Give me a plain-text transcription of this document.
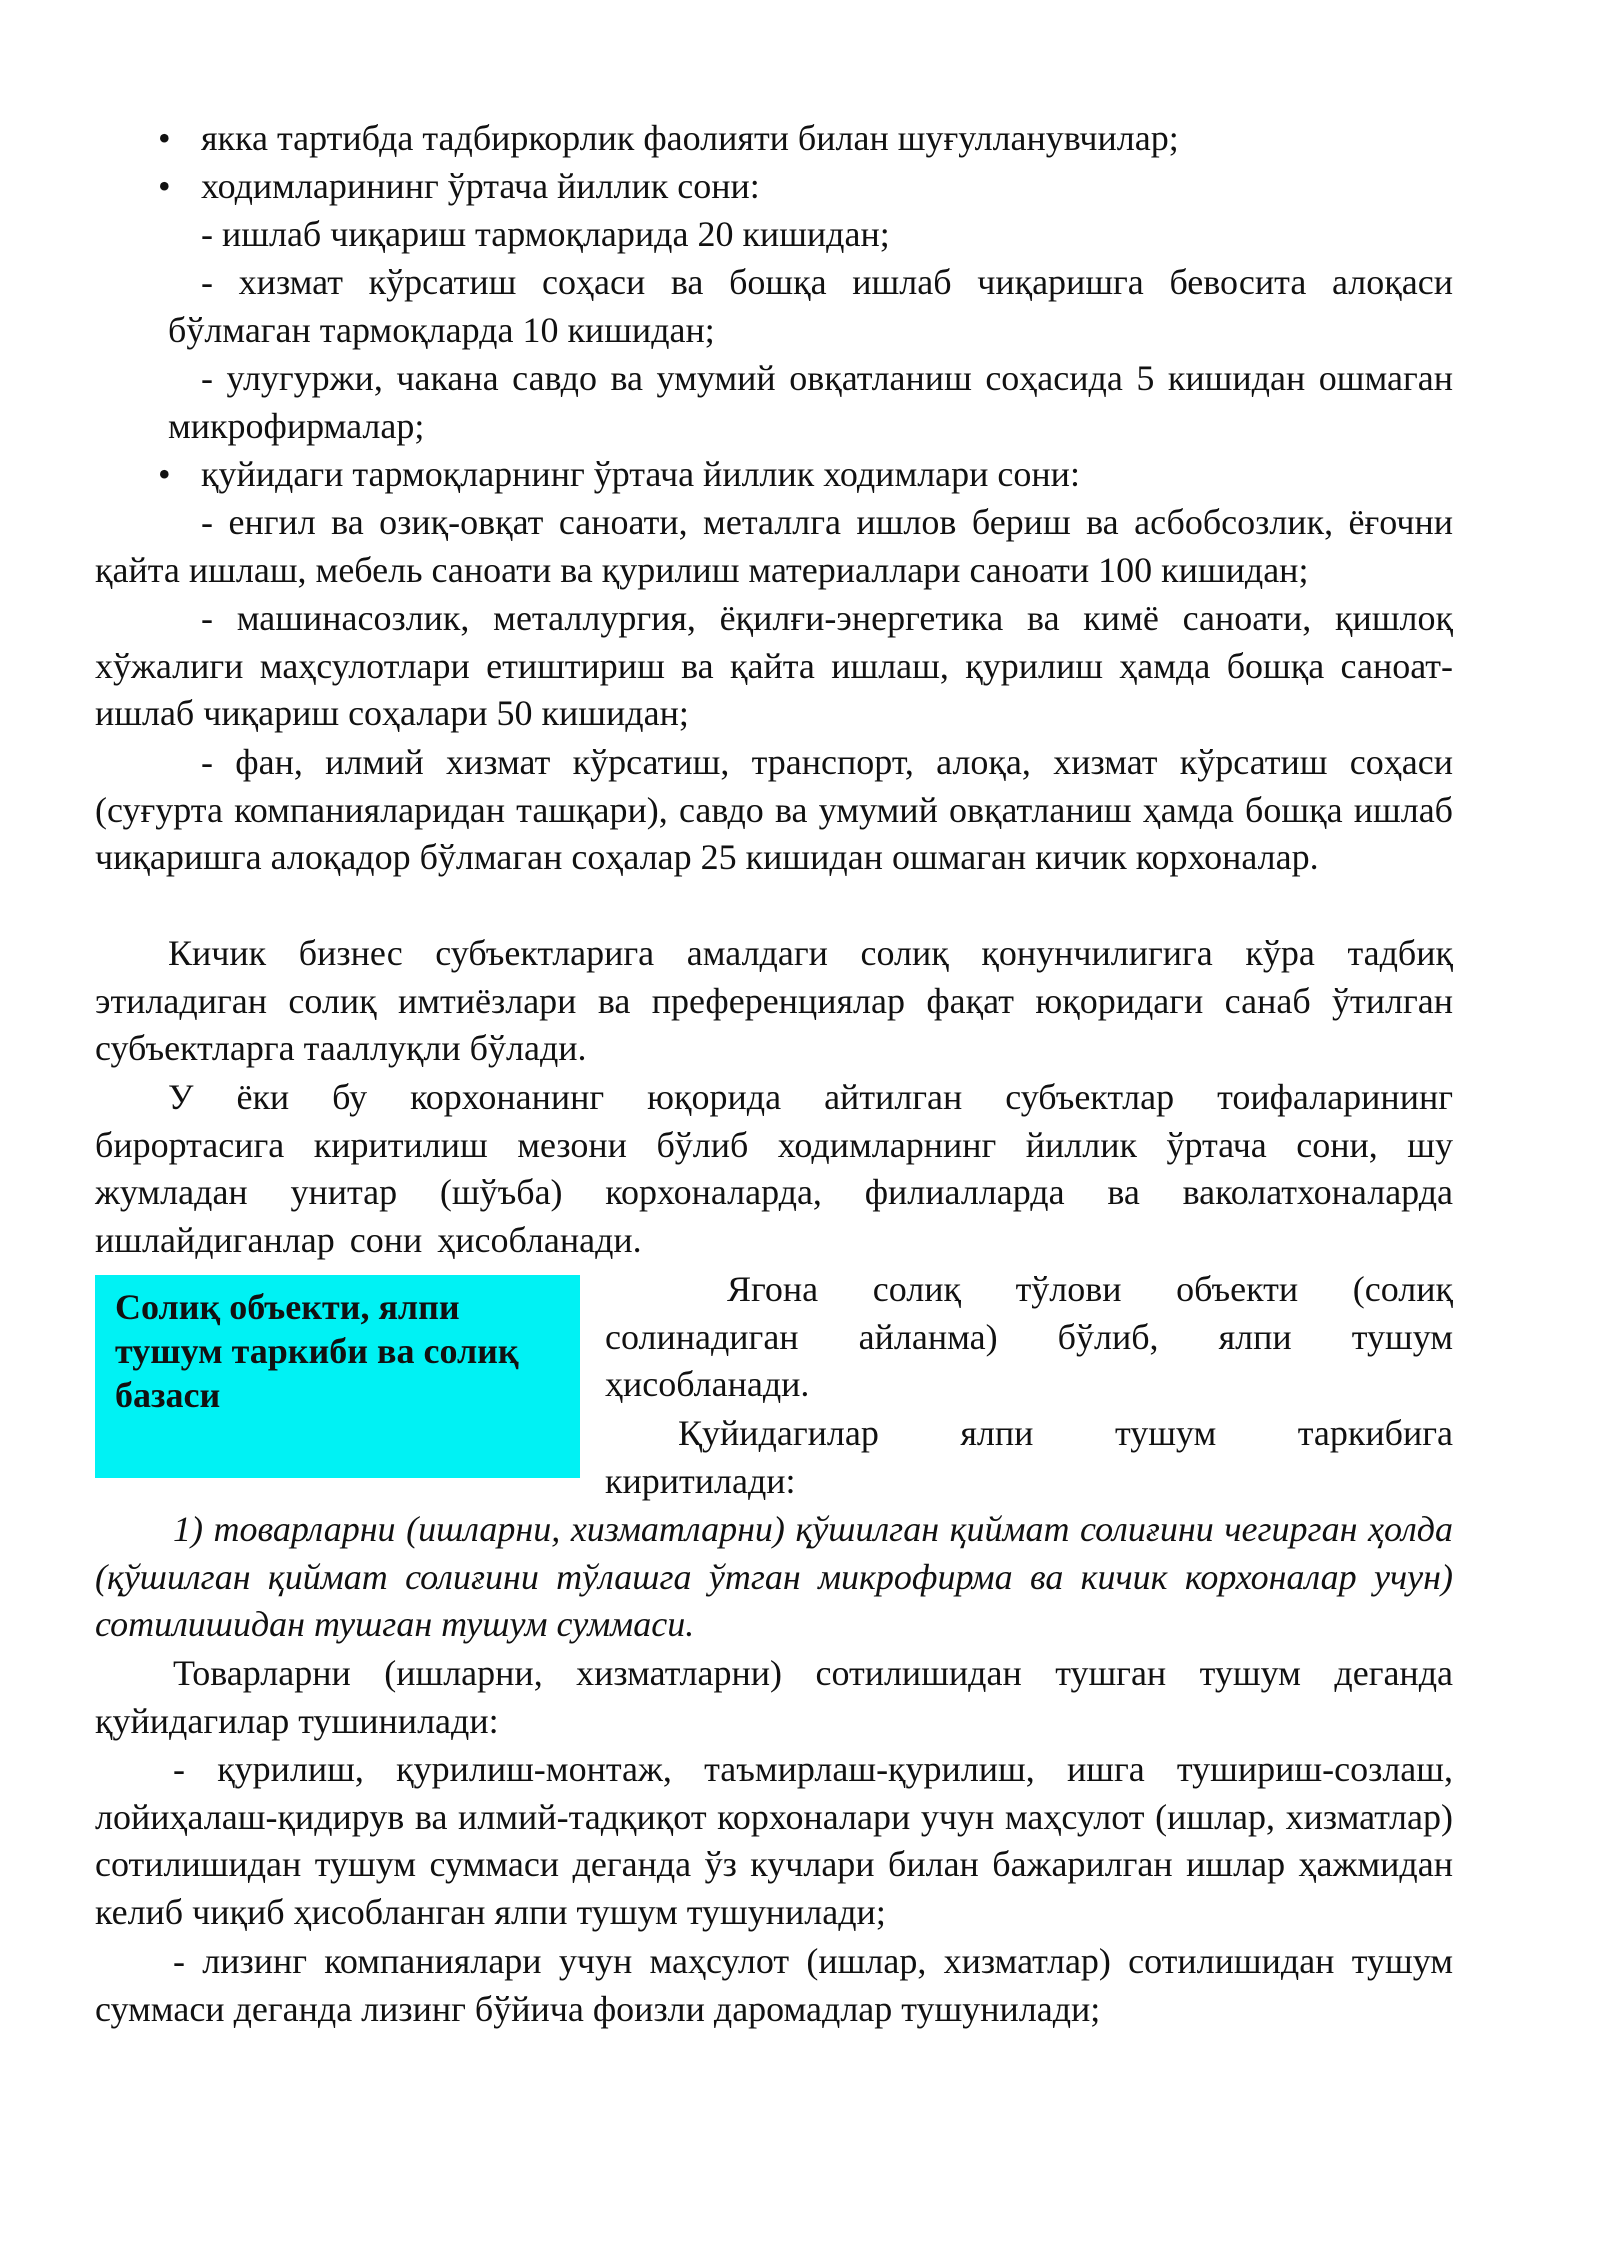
• якка тартибда тадбиркорлик фаолияти билан шуғулланувчилар;
• ходимларининг ўртача йиллик сони:

- ишлаб чиқариш тармоқларида 20 кишидан;

- хизмат кўрсатиш соҳаси ва бошқа ишлаб чиқаришга бевосита алоқаси бўлмаган тармоқларда 10 кишидан;

- улугуржи, чакана савдо ва умумий овқатланиш соҳасида 5 кишидан ошмаган микрофирмалар;

• қуйидаги тармоқларнинг ўртача йиллик ходимлари сони:

- енгил ва озиқ-овқат саноати, металлга ишлов бериш ва асбобсозлик, ёғочни қайта ишлаш, мебель саноати ва қурилиш материаллари саноати 100 кишидан;

- машинасозлик, металлургия, ёқилғи-энергетика ва кимё саноати, қишлоқ хўжалиги маҳсулотлари етиштириш ва қайта ишлаш, қурилиш ҳамда бошқа саноат-ишлаб чиқариш соҳалари 50 кишидан;

- фан, илмий хизмат кўрсатиш, транспорт, алоқа, хизмат кўрсатиш соҳаси (суғурта компанияларидан ташқари), савдо ва умумий овқатланиш ҳамда бошқа ишлаб чиқаришга алоқадор бўлмаган соҳалар 25 кишидан ошмаган кичик корхоналар.

Кичик бизнес субъектларига амалдаги солиқ қонунчилигига кўра тадбиқ этиладиган солиқ имтиёзлари ва преференциялар фақат юқоридаги санаб ўтилган субъектларга тааллуқли бўлади.

У ёки бу корхонанинг юқорида айтилган субъектлар тоифаларининг бирортасига киритилиш мезони бўлиб ходимларнинг йиллик ўртача сони, шу жумладан унитар (шўъба) корхоналарда, филиалларда ва ваколатхоналарда ишлайдиганлар сони ҳисобланади.

Солиқ объекти, ялпи тушум таркиби ва солиқ базаси

Ягона солиқ тўлови объекти (солиқ солинадиган айланма) бўлиб, ялпи тушум ҳисобланади.

Қуйидагилар ялпи тушум таркибига киритилади:

1) товарларни (ишларни, хизматларни) қўшилган қиймат солиғини чегирган ҳолда (қўшилган қиймат солиғини тўлашга ўтган микрофирма ва кичик корхоналар учун) сотилишидан тушган тушум суммаси.

Товарларни (ишларни, хизматларни) сотилишидан тушган тушум деганда қуйидагилар тушинилади:

- қурилиш, қурилиш-монтаж, таъмирлаш-қурилиш, ишга тушириш-созлаш, лойиҳалаш-қидирув ва илмий-тадқиқот корхоналари учун маҳсулот (ишлар, хизматлар) сотилишидан тушум суммаси деганда ўз кучлари билан бажарилган ишлар ҳажмидан келиб чиқиб ҳисобланган ялпи тушум тушунилади;

- лизинг компаниялари учун маҳсулот (ишлар, хизматлар) сотилишидан тушум суммаси деганда лизинг бўйича фоизли даромадлар тушунилади;
